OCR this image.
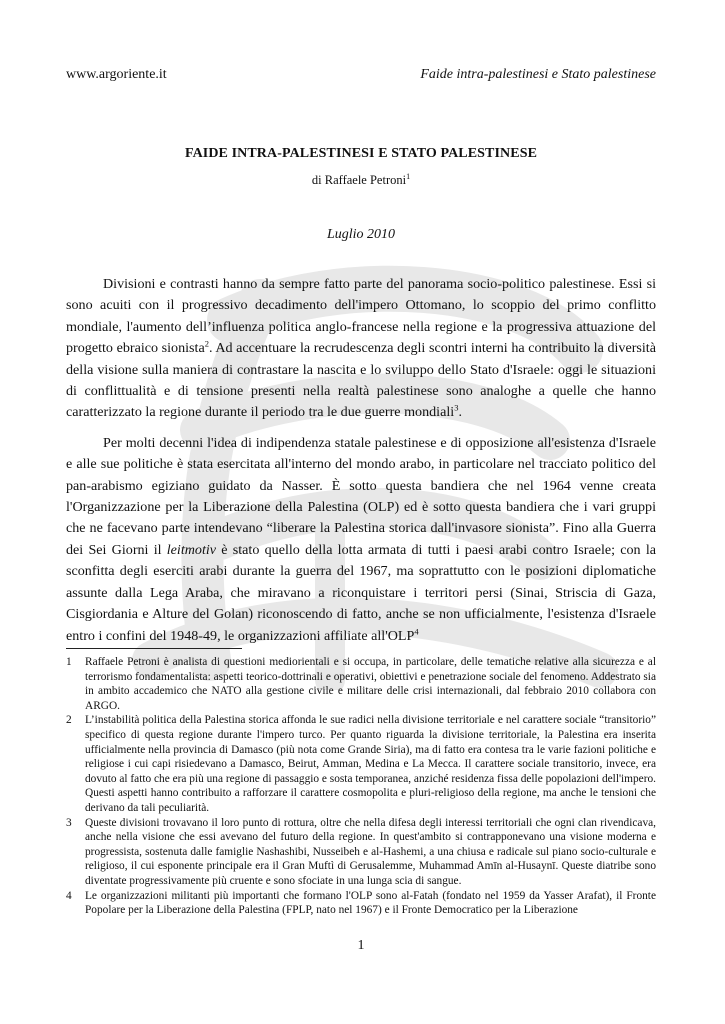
www.argoriente.it	Faide intra-palestinesi e Stato palestinese
FAIDE INTRA-PALESTINESI E STATO PALESTINESE
di Raffaele Petroni$^1$
Luglio 2010

Divisioni e contrasti hanno da sempre fatto parte del panorama socio-politico palestinese. Essi si sono acuiti con il progressivo decadimento dell'impero Ottomano, lo scoppio del primo conflitto mondiale, l'aumento dell’influenza politica anglo-francese nella regione e la progressiva attuazione del progetto ebraico sionista$^2$. Ad accentuare la recrudescenza degli scontri interni ha contribuito la diversità della visione sulla maniera di contrastare la nascita e lo sviluppo dello Stato d'Israele: oggi le situazioni di conflittualità e di tensione presenti nella realtà palestinese sono analoghe a quelle che hanno caratterizzato la regione durante il periodo tra le due guerre mondiali$^3$.

Per molti decenni l'idea di indipendenza statale palestinese e di opposizione all'esistenza d'Israele e alle sue politiche è stata esercitata all'interno del mondo arabo, in particolare nel tracciato politico del pan-arabismo egiziano guidato da Nasser. È sotto questa bandiera che nel 1964 venne creata l'Organizzazione per la Liberazione della Palestina (OLP) ed è sotto questa bandiera che i vari gruppi che ne facevano parte intendevano “liberare la Palestina storica dall'invasore sionista”. Fino alla Guerra dei Sei Giorni il leitmotiv è stato quello della lotta armata di tutti i paesi arabi contro Israele; con la sconfitta degli eserciti arabi durante la guerra del 1967, ma soprattutto con le posizioni diplomatiche assunte dalla Lega Araba, che miravano a riconquistare i territori persi (Sinai, Striscia di Gaza, Cisgiordania e Alture del Golan) riconoscendo di fatto, anche se non ufficialmente, l'esistenza d'Israele entro i confini del 1948-49, le organizzazioni affiliate all'OLP$^4$

1 Raffaele Petroni è analista di questioni mediorientali e si occupa, in particolare, delle tematiche relative alla sicurezza e al terrorismo fondamentalista: aspetti teorico-dottrinali e operativi, obiettivi e penetrazione sociale del fenomeno. Addestrato sia in ambito accademico che NATO alla gestione civile e militare delle crisi internazionali, dal febbraio 2010 collabora con ARGO.
2 L’instabilità politica della Palestina storica affonda le sue radici nella divisione territoriale e nel carattere sociale “transitorio” specifico di questa regione durante l'impero turco. Per quanto riguarda la divisione territoriale, la Palestina era inserita ufficialmente nella provincia di Damasco (più nota come Grande Siria), ma di fatto era contesa tra le varie fazioni politiche e religiose i cui capi risiedevano a Damasco, Beirut, Amman, Medina e La Mecca. Il carattere sociale transitorio, invece, era dovuto al fatto che era più una regione di passaggio e sosta temporanea, anziché residenza fissa delle popolazioni dell'impero. Questi aspetti hanno contribuito a rafforzare il carattere cosmopolita e pluri-religioso della regione, ma anche le tensioni che derivano da tali peculiarità.
3 Queste divisioni trovavano il loro punto di rottura, oltre che nella difesa degli interessi territoriali che ogni clan rivendicava, anche nella visione che essi avevano del futuro della regione. In quest'ambito si contrapponevano una visione moderna e progressista, sostenuta dalle famiglie Nashashibi, Nusseibeh e al-Hashemi, a una chiusa e radicale sul piano socio-culturale e religioso, il cui esponente principale era il Gran Muftì di Gerusalemme, Muhammad Amīn al-Husaynī. Queste diatribe sono diventate progressivamente più cruente e sono sfociate in una lunga scia di sangue.
4 Le organizzazioni militanti più importanti che formano l'OLP sono al-Fatah (fondato nel 1959 da Yasser Arafat), il Fronte Popolare per la Liberazione della Palestina (FPLP, nato nel 1967) e il Fronte Democratico per la Liberazione
1
